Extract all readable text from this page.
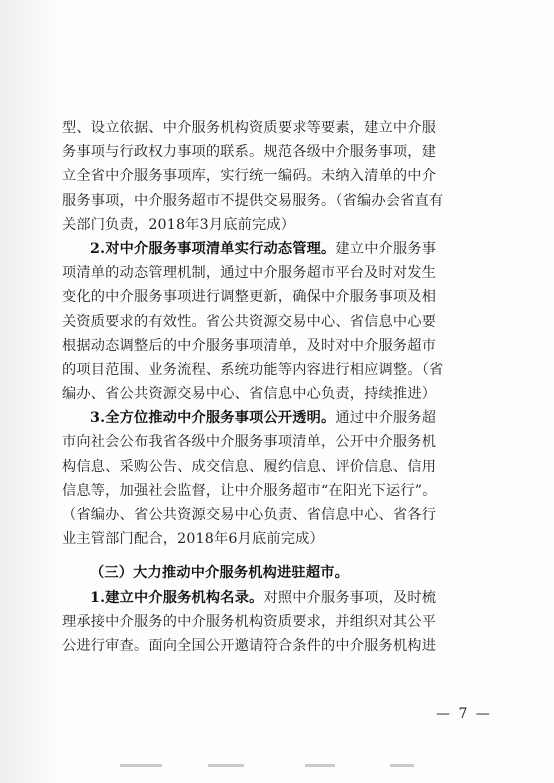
型、设立依据、中介服务机构资质要求等要素，建立中介服
务事项与行政权力事项的联系。规范各级中介服务事项，建
立全省中介服务事项库，实行统一编码。未纳入清单的中介
服务事项，中介服务超市不提供交易服务。（省编办会省直有
关部门负责，2018年3月底前完成）
2.对中介服务事项清单实行动态管理。建立中介服务事
项清单的动态管理机制，通过中介服务超市平台及时对发生
变化的中介服务事项进行调整更新，确保中介服务事项及相
关资质要求的有效性。省公共资源交易中心、省信息中心要
根据动态调整后的中介服务事项清单，及时对中介服务超市
的项目范围、业务流程、系统功能等内容进行相应调整。（省
编办、省公共资源交易中心、省信息中心负责，持续推进）
3.全方位推动中介服务事项公开透明。通过中介服务超
市向社会公布我省各级中介服务事项清单，公开中介服务机
构信息、采购公告、成交信息、履约信息、评价信息、信用
信息等，加强社会监督，让中介服务超市“在阳光下运行”。
（省编办、省公共资源交易中心负责、省信息中心、省各行
业主管部门配合，2018年6月底前完成）
（三）大力推动中介服务机构进驻超市。
1.建立中介服务机构名录。对照中介服务事项，及时梳
理承接中介服务的中介服务机构资质要求，并组织对其公平
公进行审查。面向全国公开邀请符合条件的中介服务机构进
— 7 —
